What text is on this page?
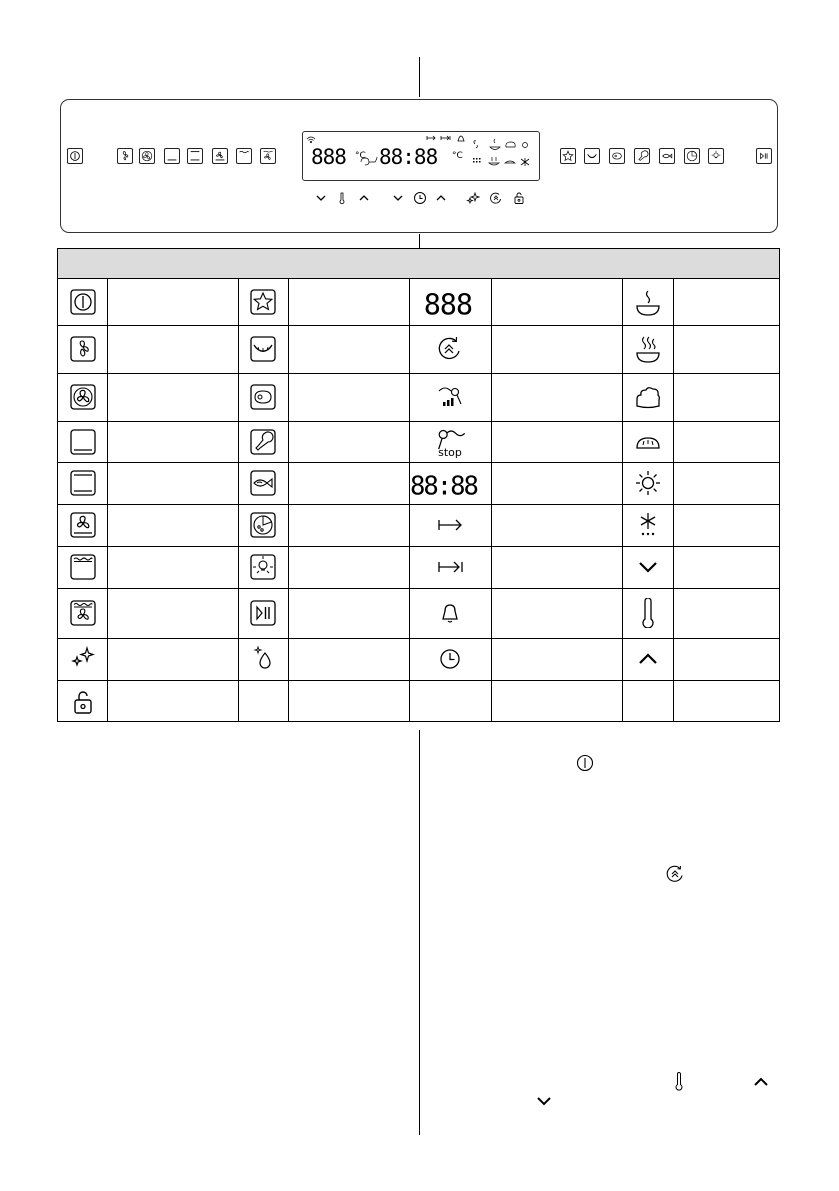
888 °C 88:88 °C
888
stop
88:88
